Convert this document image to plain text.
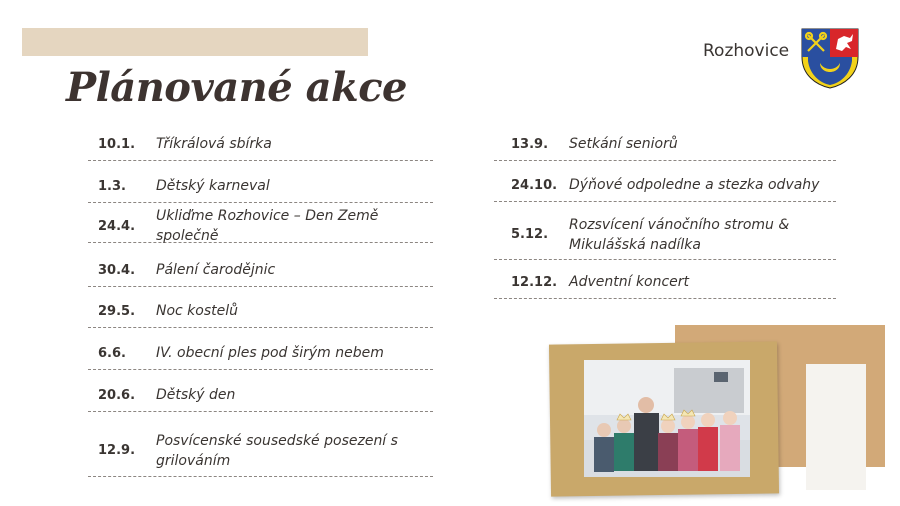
Plánované akce
Rozhovice
10.1. Tříkrálová sbírka
1.3. Dětský karneval
24.4.
Ukliďme Rozhovice – Den Země společně
30.4. Pálení čarodějnic
29.5. Noc kostelů
6.6. IV. obecní ples pod širým nebem
20.6. Dětský den
12.9.
Posvícenské sousedské posezení s grilováním
13.9. Setkání seniorů
24.10. Dýňové odpoledne a stezka odvahy
5.12.
Rozsvícení vánočního stromu & Mikulášská nadílka
12.12. Adventní koncert
